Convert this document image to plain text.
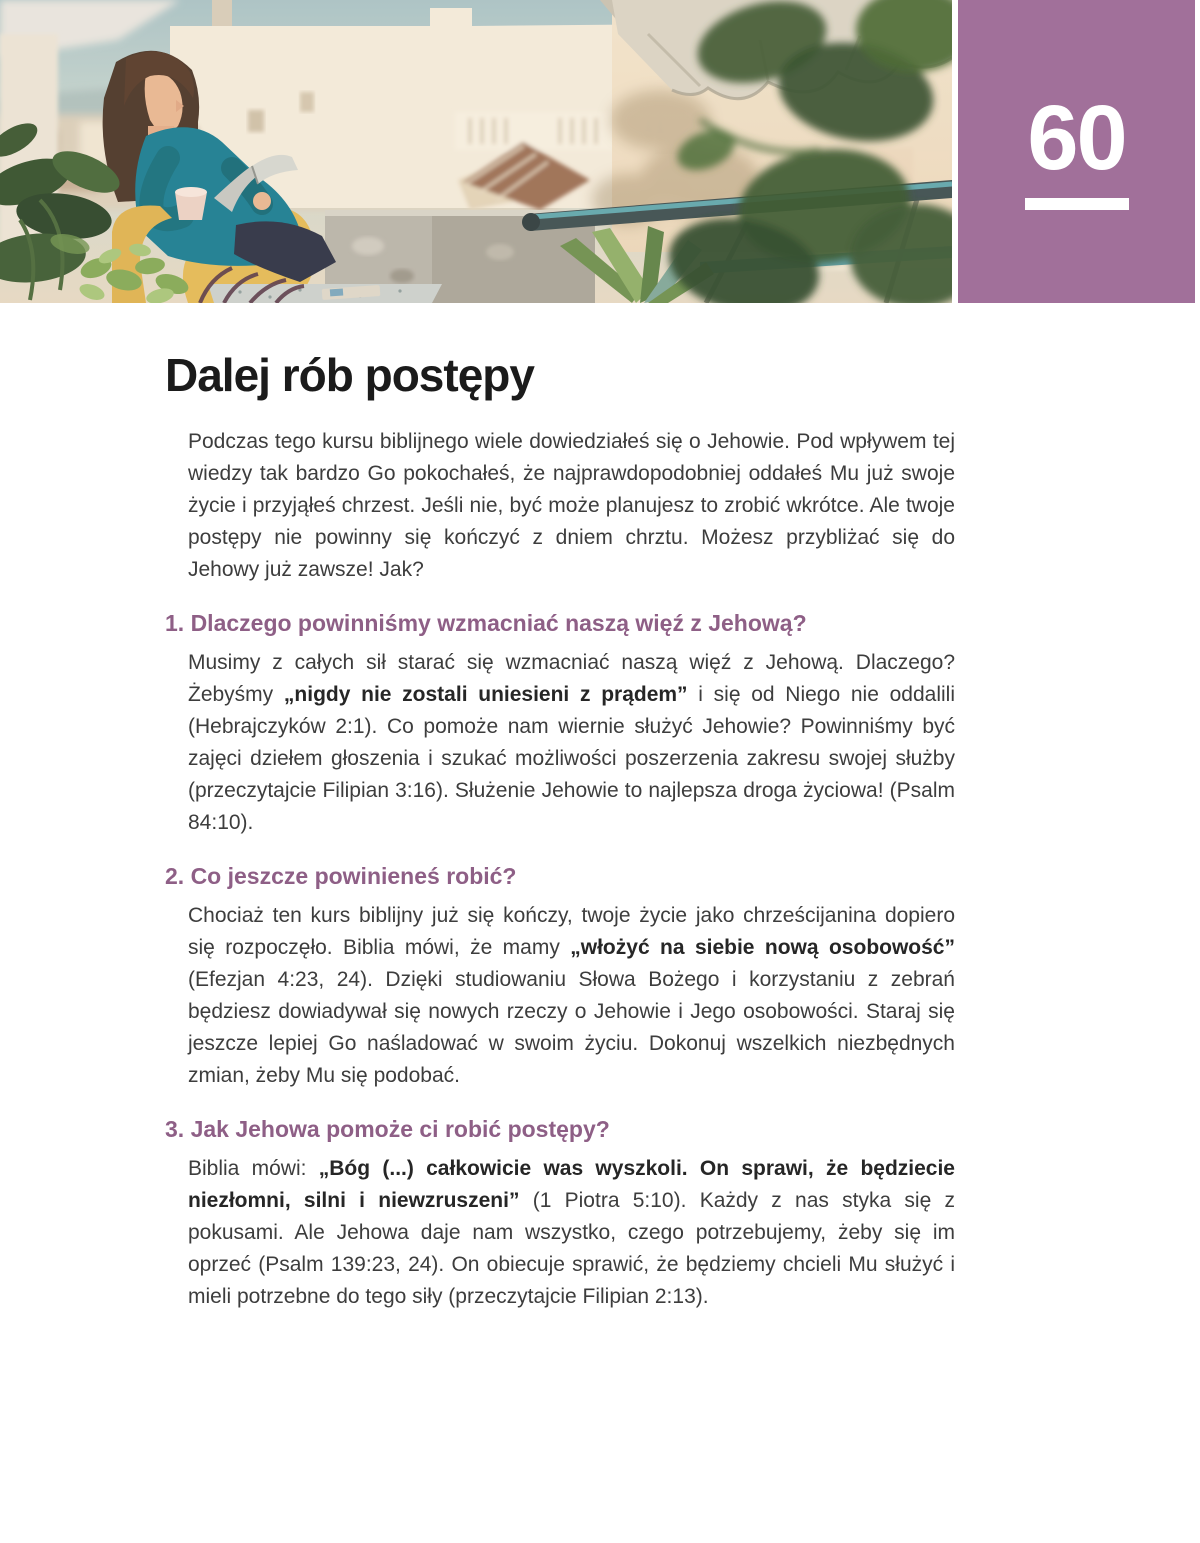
60
Dalej rób postępy

Podczas tego kursu biblijnego wiele dowiedziałeś się o Jehowie. Pod wpływem tej wiedzy tak bardzo Go pokochałeś, że najprawdopodobniej oddałeś Mu już swoje życie i przyjąłeś chrzest. Jeśli nie, być może planujesz to zrobić wkrótce. Ale twoje postępy nie powinny się kończyć z dniem chrztu. Możesz przybliżać się do Jehowy już zawsze! Jak?

1. Dlaczego powinniśmy wzmacniać naszą więź z Jehową?

Musimy z całych sił starać się wzmacniać naszą więź z Jehową. Dlaczego? Żebyśmy „nigdy nie zostali uniesieni z prądem” i się od Niego nie oddalili (Hebrajczyków 2:1). Co pomoże nam wiernie służyć Jehowie? Powinniśmy być zajęci dziełem głoszenia i szukać możliwości poszerzenia zakresu swojej służby (przeczytajcie Filipian 3:16). Służenie Jehowie to najlepsza droga życiowa! (Psalm 84:10).

2. Co jeszcze powinieneś robić?

Chociaż ten kurs biblijny już się kończy, twoje życie jako chrześcijanina dopiero się rozpoczęło. Biblia mówi, że mamy „włożyć na siebie nową osobowość” (Efezjan 4:23, 24). Dzięki studiowaniu Słowa Bożego i korzystaniu z zebrań będziesz dowiadywał się nowych rzeczy o Jehowie i Jego osobowości. Staraj się jeszcze lepiej Go naśladować w swoim życiu. Dokonuj wszelkich niezbędnych zmian, żeby Mu się podobać.

3. Jak Jehowa pomoże ci robić postępy?

Biblia mówi: „Bóg (...) całkowicie was wyszkoli. On sprawi, że będziecie niezłomni, silni i niewzruszeni” (1 Piotra 5:10). Każdy z nas styka się z pokusami. Ale Jehowa daje nam wszystko, czego potrzebujemy, żeby się im oprzeć (Psalm 139:23, 24). On obiecuje sprawić, że będziemy chcieli Mu służyć i mieli potrzebne do tego siły (przeczytajcie Filipian 2:13).
